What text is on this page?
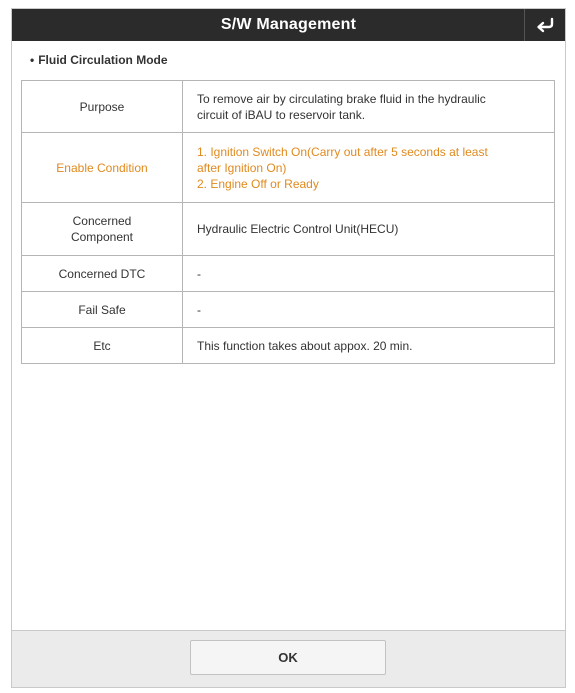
S/W Management
• Fluid Circulation Mode
Purpose	To remove air by circulating brake fluid in the hydraulic
circuit of iBAU to reservoir tank.

Enable Condition	1. Ignition Switch On(Carry out after 5 seconds at least
after Ignition On)
2. Engine Off or Ready

Concerned
Component	Hydraulic Electric Control Unit(HECU)

Concerned DTC	-

Fail Safe	-

Etc	This function takes about appox. 20 min.
OK
